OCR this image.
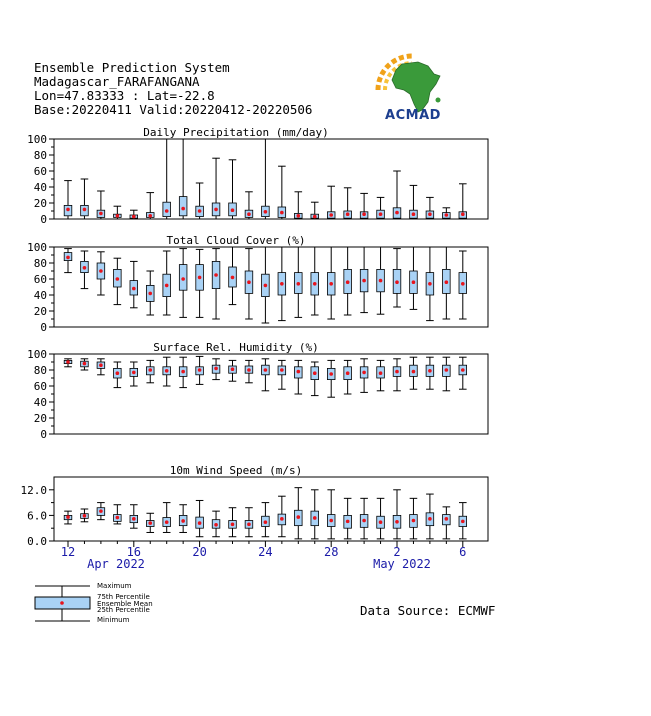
Ensemble Prediction System
Madagascar_FARAFANGANA
Lon=47.83333 : Lat=-22.8
Base:20220411 Valid:20220412-20220506	ACMAD
Daily Precipitation (mm/day)
0
20
40
60
80
100
Total Cloud Cover (%)
0
20
40
60
80
100
Surface Rel. Humidity (%)
0
20
40
60
80
100
10m Wind Speed (m/s)
0.0
6.0
12.0
12	16	20	24	28	2	6
Apr 2022	May 2022
Maximum
75th Percentile
Ensemble Mean
25th Percentile
Minimum
Data Source: ECMWF
